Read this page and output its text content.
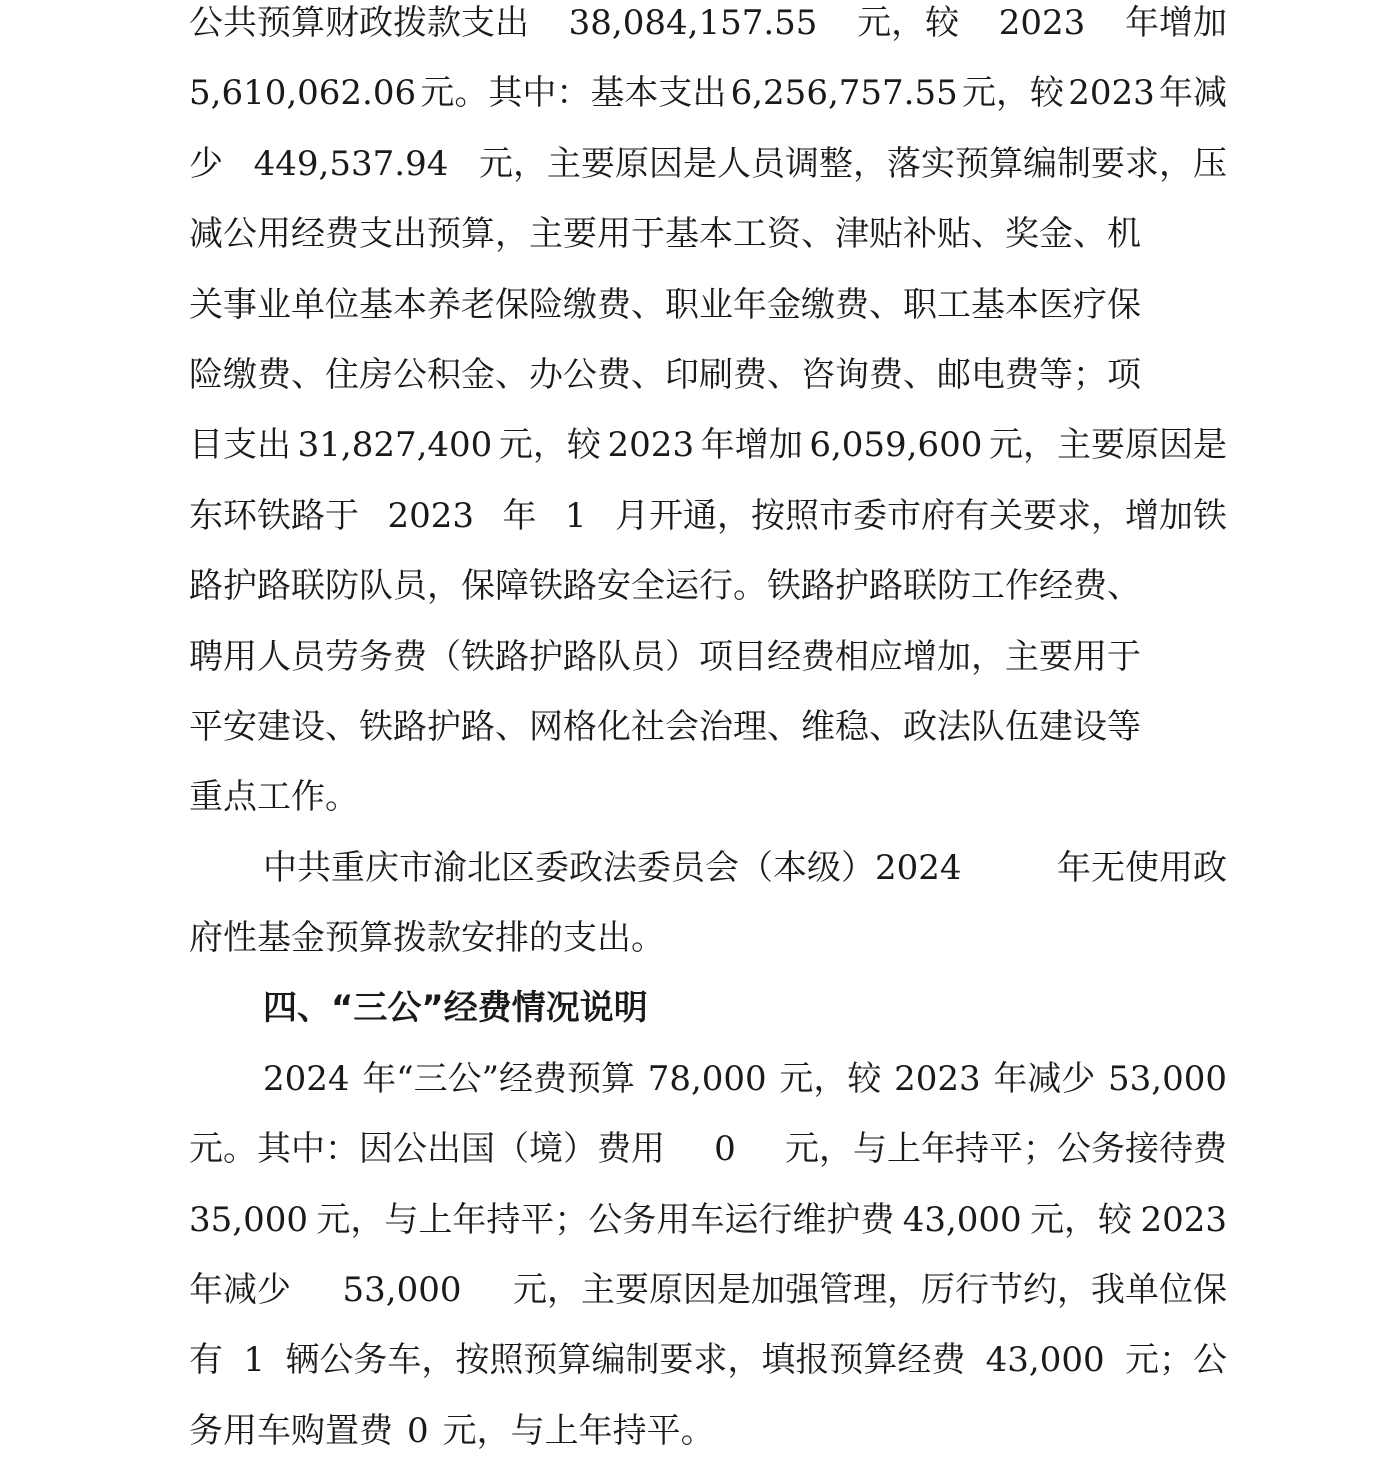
公共预算财政拨款支出 38,084,157.55 元，较 2023 年增加
5,610,062.06 元。其中：基本支出 6,256,757.55 元，较 2023 年减
少 449,537.94 元，主要原因是人员调整，落实预算编制要求，压
减公用经费支出预算，主要用于基本工资、津贴补贴、奖金、机
关事业单位基本养老保险缴费、职业年金缴费、职工基本医疗保
险缴费、住房公积金、办公费、印刷费、咨询费、邮电费等；项
目支出 31,827,400 元，较 2023 年增加 6,059,600 元，主要原因是
东环铁路于 2023 年 1 月开通，按照市委市府有关要求，增加铁
路护路联防队员，保障铁路安全运行。铁路护路联防工作经费、
聘用人员劳务费（铁路护路队员）项目经费相应增加，主要用于
平安建设、铁路护路、网格化社会治理、维稳、政法队伍建设等
重点工作。
中共重庆市渝北区委政法委员会（本级）2024	年无使用政
府性基金预算拨款安排的支出。
四、“三公”经费情况说明
2024 年“三公”经费预算 78,000 元，较 2023 年减少 53,000
元。其中：因公出国（境）费用 0 元，与上年持平；公务接待费
35,000 元，与上年持平；公务用车运行维护费 43,000 元，较 2023
年减少 53,000 元，主要原因是加强管理，厉行节约，我单位保
有 1 辆公务车，按照预算编制要求，填报预算经费 43,000 元；公
务用车购置费 0 元，与上年持平。
